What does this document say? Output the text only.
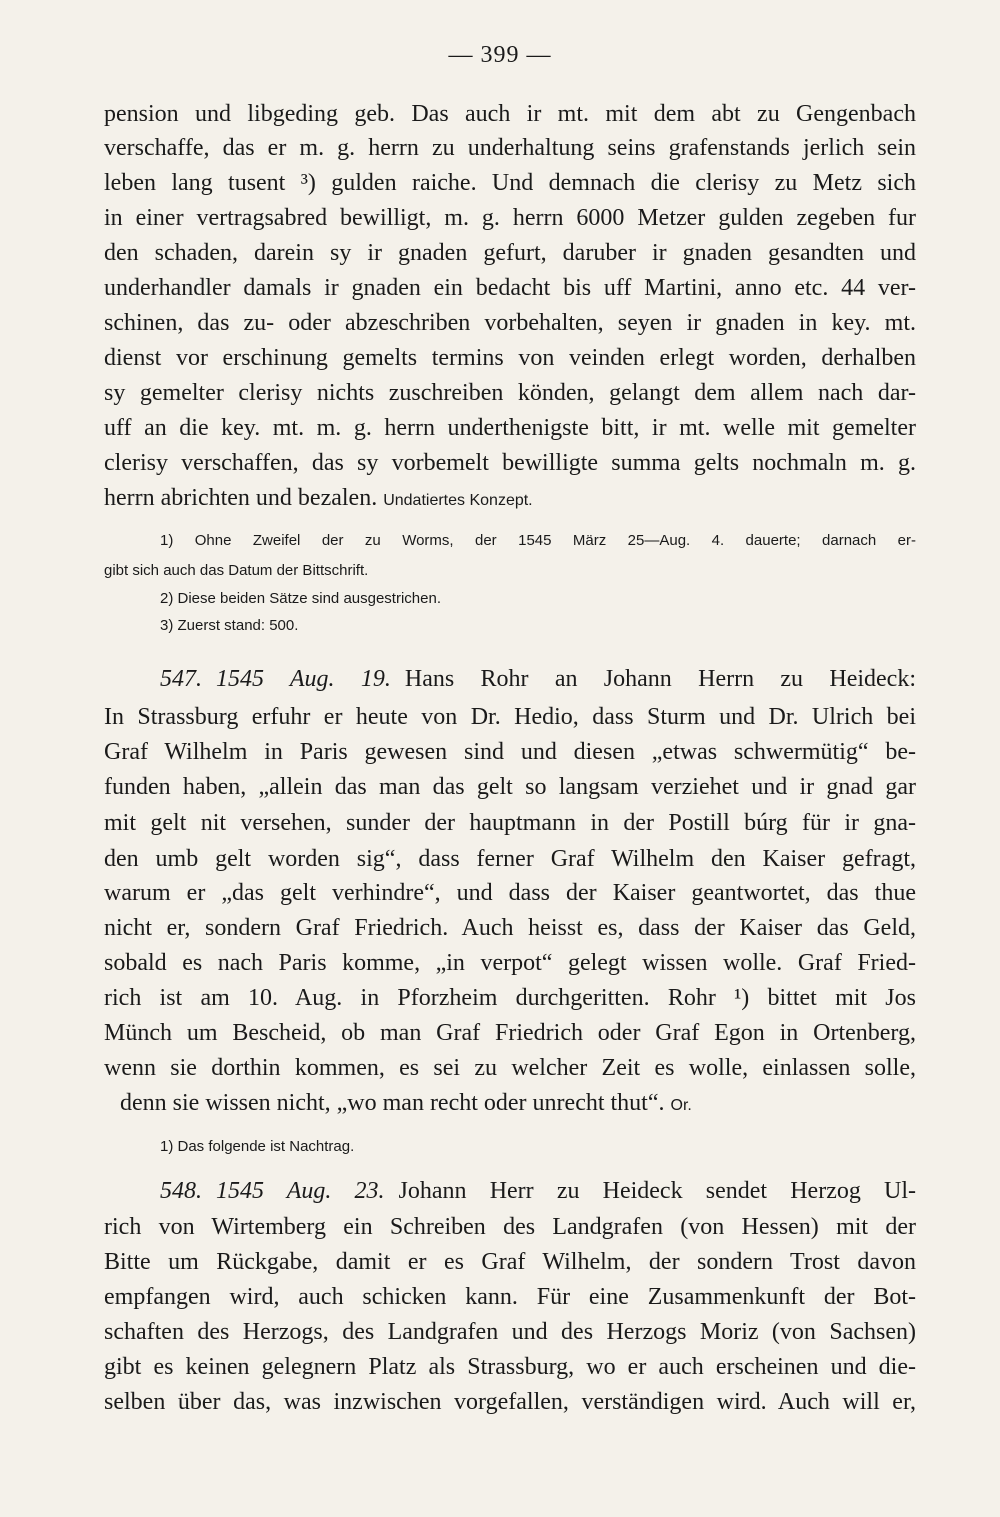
— 399 —
pension und libgeding geb. Das auch ir mt. mit dem abt zu Gengenbach
verschaffe, das er m. g. herrn zu underhaltung seins grafenstands jerlich sein
leben lang tusent ³) gulden raiche. Und demnach die clerisy zu Metz sich
in einer vertragsabred bewilligt, m. g. herrn 6000 Metzer gulden zegeben fur
den schaden, darein sy ir gnaden gefurt, daruber ir gnaden gesandten und
underhandler damals ir gnaden ein bedacht bis uff Martini, anno etc. 44 ver-
schinen, das zu- oder abzeschriben vorbehalten, seyen ir gnaden in key. mt.
dienst vor erschinung gemelts termins von veinden erlegt worden, derhalben
sy gemelter clerisy nichts zuschreiben könden, gelangt dem allem nach dar-
uff an die key. mt. m. g. herrn underthenigste bitt, ir mt. welle mit gemelter
clerisy verschaffen, das sy vorbemelt bewilligte summa gelts nochmaln m. g.
herrn abrichten und bezalen. Undatiertes Konzept.
1) Ohne Zweifel der zu Worms, der 1545 März 25—Aug. 4. dauerte; darnach er-
gibt sich auch das Datum der Bittschrift.
2) Diese beiden Sätze sind ausgestrichen.
3) Zuerst stand: 500.
547. 1545 Aug. 19. Hans Rohr an Johann Herrn zu Heideck:
In Strassburg erfuhr er heute von Dr. Hedio, dass Sturm und Dr. Ulrich bei
Graf Wilhelm in Paris gewesen sind und diesen „etwas schwermütig“ be-
funden haben, „allein das man das gelt so langsam verziehet und ir gnad gar
mit gelt nit versehen, sunder der hauptmann in der Postill búrg für ir gna-
den umb gelt worden sig“, dass ferner Graf Wilhelm den Kaiser gefragt,
warum er „das gelt verhindre“, und dass der Kaiser geantwortet, das thue
nicht er, sondern Graf Friedrich. Auch heisst es, dass der Kaiser das Geld,
sobald es nach Paris komme, „in verpot“ gelegt wissen wolle. Graf Fried-
rich ist am 10. Aug. in Pforzheim durchgeritten. Rohr ¹) bittet mit Jos
Münch um Bescheid, ob man Graf Friedrich oder Graf Egon in Ortenberg,
wenn sie dorthin kommen, es sei zu welcher Zeit es wolle, einlassen solle,
denn sie wissen nicht, „wo man recht oder unrecht thut“. Or.
1) Das folgende ist Nachtrag.
548. 1545 Aug. 23. Johann Herr zu Heideck sendet Herzog Ul-
rich von Wirtemberg ein Schreiben des Landgrafen (von Hessen) mit der
Bitte um Rückgabe, damit er es Graf Wilhelm, der sondern Trost davon
empfangen wird, auch schicken kann. Für eine Zusammenkunft der Bot-
schaften des Herzogs, des Landgrafen und des Herzogs Moriz (von Sachsen)
gibt es keinen gelegnern Platz als Strassburg, wo er auch erscheinen und die-
selben über das, was inzwischen vorgefallen, verständigen wird. Auch will er,
